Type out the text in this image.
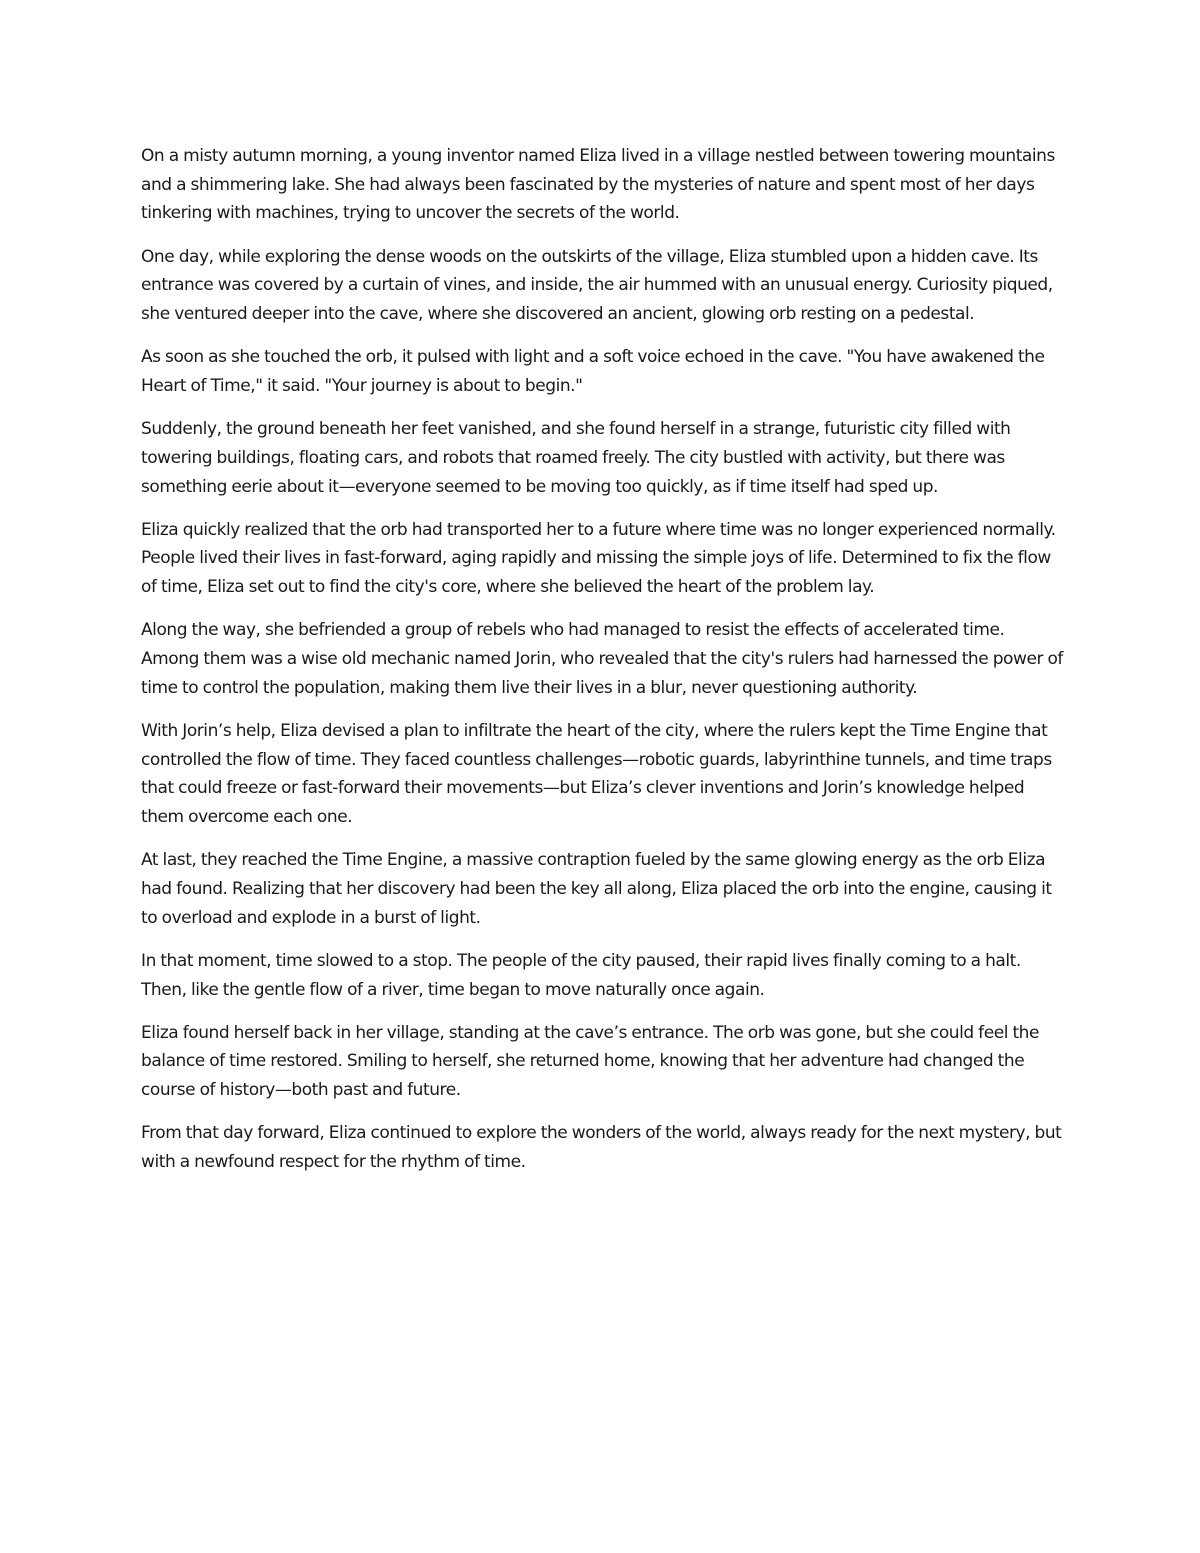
On a misty autumn morning, a young inventor named Eliza lived in a village nestled between towering mountains and a shimmering lake. She had always been fascinated by the mysteries of nature and spent most of her days tinkering with machines, trying to uncover the secrets of the world.

One day, while exploring the dense woods on the outskirts of the village, Eliza stumbled upon a hidden cave. Its entrance was covered by a curtain of vines, and inside, the air hummed with an unusual energy. Curiosity piqued, she ventured deeper into the cave, where she discovered an ancient, glowing orb resting on a pedestal.

As soon as she touched the orb, it pulsed with light and a soft voice echoed in the cave. "You have awakened the Heart of Time," it said. "Your journey is about to begin."

Suddenly, the ground beneath her feet vanished, and she found herself in a strange, futuristic city filled with towering buildings, floating cars, and robots that roamed freely. The city bustled with activity, but there was something eerie about it—everyone seemed to be moving too quickly, as if time itself had sped up.

Eliza quickly realized that the orb had transported her to a future where time was no longer experienced normally. People lived their lives in fast-forward, aging rapidly and missing the simple joys of life. Determined to fix the flow of time, Eliza set out to find the city's core, where she believed the heart of the problem lay.

Along the way, she befriended a group of rebels who had managed to resist the effects of accelerated time. Among them was a wise old mechanic named Jorin, who revealed that the city's rulers had harnessed the power of time to control the population, making them live their lives in a blur, never questioning authority.

With Jorin’s help, Eliza devised a plan to infiltrate the heart of the city, where the rulers kept the Time Engine that controlled the flow of time. They faced countless challenges—robotic guards, labyrinthine tunnels, and time traps that could freeze or fast-forward their movements—but Eliza’s clever inventions and Jorin’s knowledge helped them overcome each one.

At last, they reached the Time Engine, a massive contraption fueled by the same glowing energy as the orb Eliza had found. Realizing that her discovery had been the key all along, Eliza placed the orb into the engine, causing it to overload and explode in a burst of light.

In that moment, time slowed to a stop. The people of the city paused, their rapid lives finally coming to a halt. Then, like the gentle flow of a river, time began to move naturally once again.

Eliza found herself back in her village, standing at the cave’s entrance. The orb was gone, but she could feel the balance of time restored. Smiling to herself, she returned home, knowing that her adventure had changed the course of history—both past and future.

From that day forward, Eliza continued to explore the wonders of the world, always ready for the next mystery, but with a newfound respect for the rhythm of time.
